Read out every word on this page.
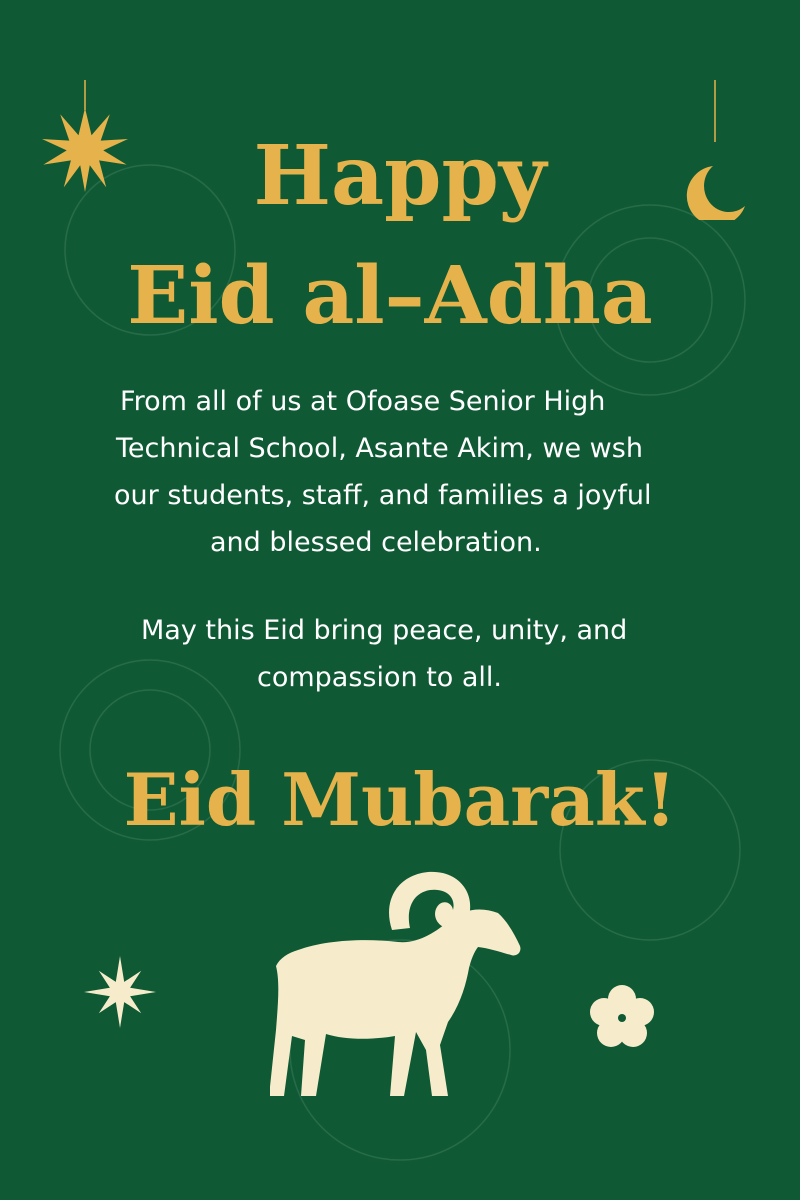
Happy
Eid al–Adha

From all of us at Ofoase Senior High

Technical School, Asante Akim, we wsh

our students, staff, and families a joyful

and blessed celebration.

May this Eid bring peace, unity, and

compassion to all.

Eid Mubarak!
